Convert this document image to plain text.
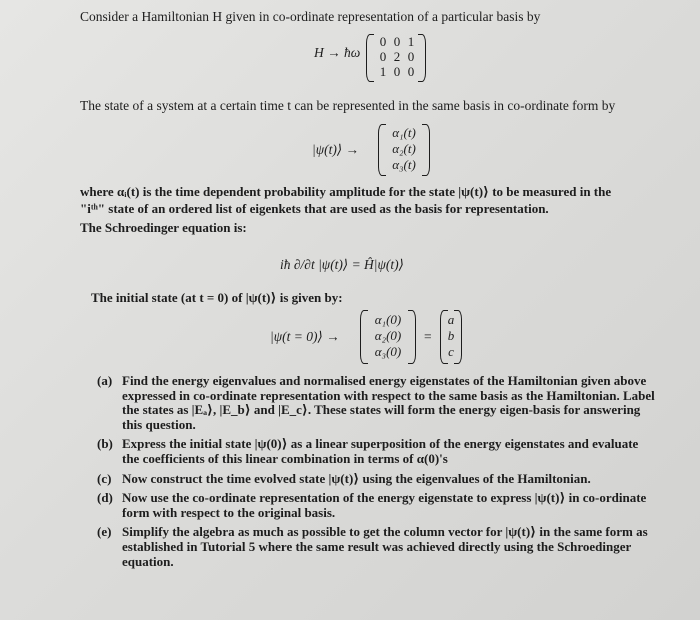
Consider a Hamiltonian H given in co-ordinate representation of a particular basis by
H → ħω
0 0 1
0 2 0
1 0 0
The state of a system at a certain time t can be represented in the same basis in co-ordinate form by
|ψ(t)⟩ →
α₁(t)
α₂(t)
α₃(t)
where αᵢ(t) is the time dependent probability amplitude for the state |ψ(t)⟩ to be measured in the
"iᵗʰ" state of an ordered list of eigenkets that are used as the basis for representation.
The Schroedinger equation is:
iħ ∂/∂t |ψ(t)⟩ = Ĥ|ψ(t)⟩
The initial state (at t = 0) of |ψ(t)⟩ is given by:
|ψ(t = 0)⟩ →
α₁(0)
α₂(0)
α₃(0)
=
a
b
c
(a) Find the energy eigenvalues and normalised energy eigenstates of the Hamiltonian given above expressed in co-ordinate representation with respect to the same basis as the Hamiltonian. Label the states as |Eₐ⟩, |E_b⟩ and |E_c⟩. These states will form the energy eigen-basis for answering this question.
(b) Express the initial state |ψ(0)⟩ as a linear superposition of the energy eigenstates and evaluate the coefficients of this linear combination in terms of α(0)'s
(c) Now construct the time evolved state |ψ(t)⟩ using the eigenvalues of the Hamiltonian.
(d) Now use the co-ordinate representation of the energy eigenstate to express |ψ(t)⟩ in co-ordinate form with respect to the original basis.
(e) Simplify the algebra as much as possible to get the column vector for |ψ(t)⟩ in the same form as established in Tutorial 5 where the same result was achieved directly using the Schroedinger equation.
